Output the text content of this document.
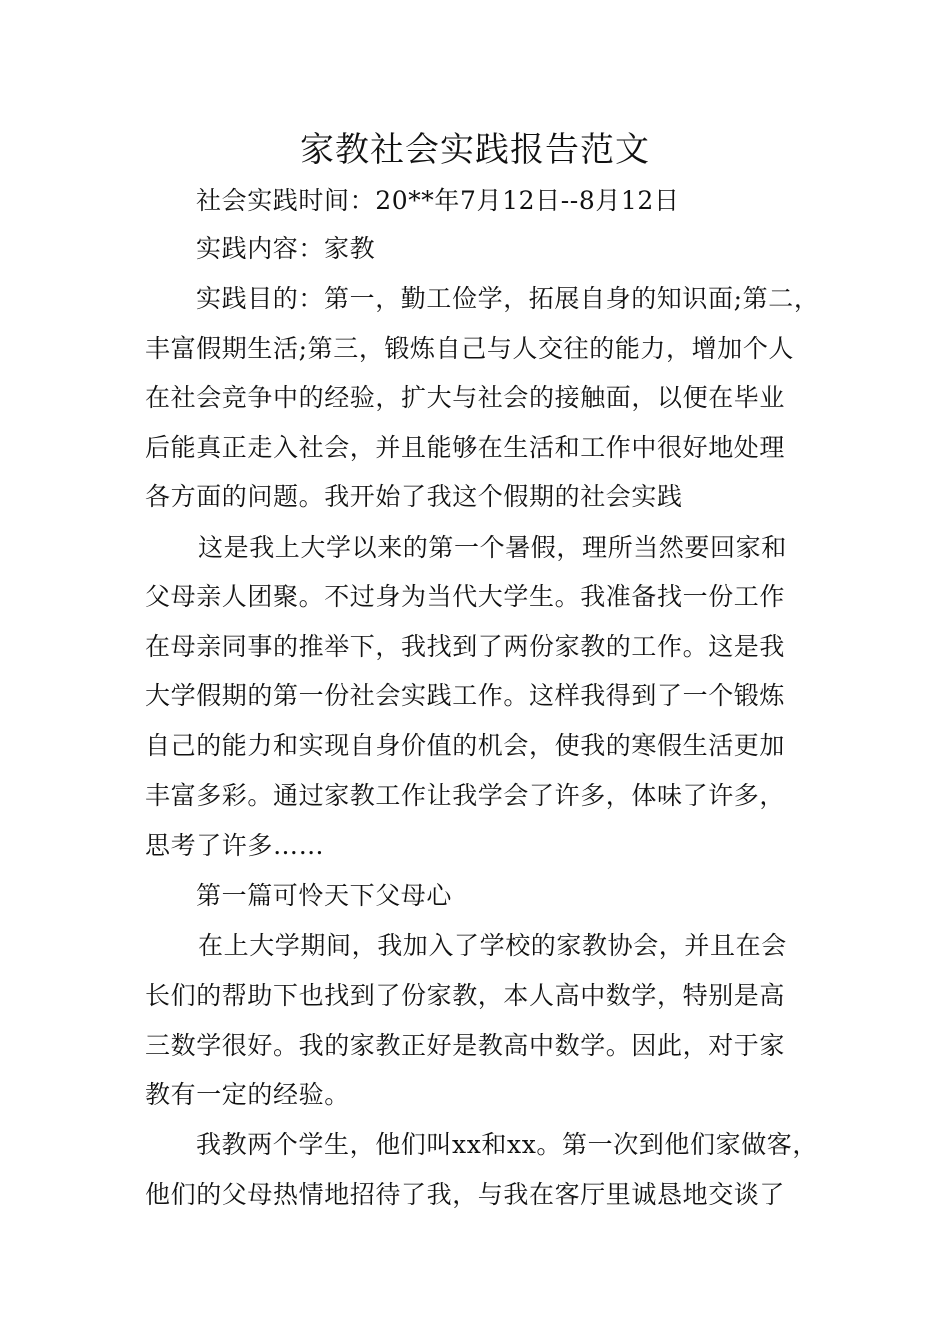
家教社会实践报告范文
社会实践时间：20**年7月12日--8月12日
实践内容：家教
实践目的：第一，勤工俭学，拓展自身的知识面;第二，
丰富假期生活;第三，锻炼自己与人交往的能力，增加个人
在社会竞争中的经验，扩大与社会的接触面，以便在毕业
后能真正走入社会，并且能够在生活和工作中很好地处理
各方面的问题。我开始了我这个假期的社会实践
这是我上大学以来的第一个暑假，理所当然要回家和
父母亲人团聚。不过身为当代大学生。我准备找一份工作
在母亲同事的推举下，我找到了两份家教的工作。这是我
大学假期的第一份社会实践工作。这样我得到了一个锻炼
自己的能力和实现自身价值的机会，使我的寒假生活更加
丰富多彩。通过家教工作让我学会了许多，体味了许多，
思考了许多……
第一篇可怜天下父母心
在上大学期间，我加入了学校的家教协会，并且在会
长们的帮助下也找到了份家教，本人高中数学，特别是高
三数学很好。我的家教正好是教高中数学。因此，对于家
教有一定的经验。
我教两个学生，他们叫xx和xx。第一次到他们家做客，
他们的父母热情地招待了我，与我在客厅里诚恳地交谈了
